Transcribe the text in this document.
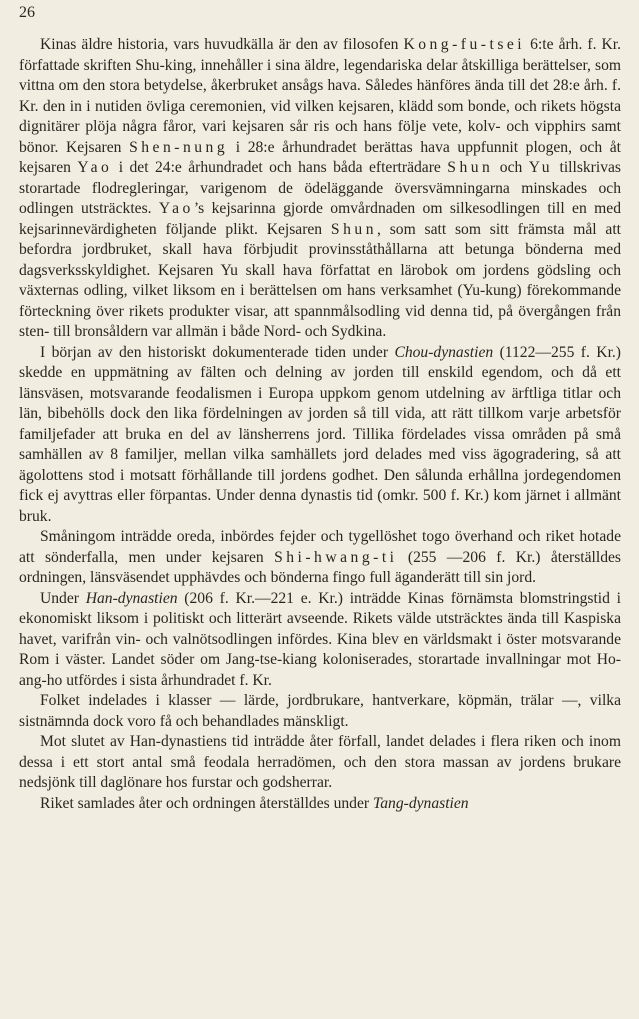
26

Kinas äldre historia, vars huvudkälla är den av filosofen Kong-fu-tsei 6:te årh. f. Kr. författade skriften Shu-king, innehåller i sina äldre, legendariska delar åtskilliga berättelser, som vittna om den stora betydelse, åkerbruket ansågs hava. Således hänföres ända till det 28:e årh. f. Kr. den in i nutiden övliga ceremonien, vid vilken kejsaren, klädd som bonde, och rikets högsta dignitärer plöja några fåror, vari kejsaren sår ris och hans följe vete, kolv- och vipphirs samt bönor. Kejsaren Shen-nung i 28:e århundradet berättas hava uppfunnit plogen, och åt kejsaren Yao i det 24:e århundradet och hans båda efterträdare Shun och Yu tillskrivas storartade flodregleringar, varigenom de ödeläggande översvämningarna minskades och odlingen utsträcktes. Yao’s kejsarinna gjorde omvårdnaden om silkesodlingen till en med kejsarinnevärdigheten följande plikt. Kejsaren Shun, som satt som sitt främsta mål att befordra jordbruket, skall hava förbjudit provinsståthållarna att betunga bönderna med dagsverksskyldighet. Kejsaren Yu skall hava författat en lärobok om jordens gödsling och växternas odling, vilket liksom en i berättelsen om hans verksamhet (Yu-kung) förekommande förteckning över rikets produkter visar, att spannmålsodling vid denna tid, på övergången från sten- till bronsåldern var allmän i både Nord- och Sydkina.

I början av den historiskt dokumenterade tiden under Chou-dynastien (1122—255 f. Kr.) skedde en uppmätning av fälten och delning av jorden till enskild egendom, och då ett länsväsen, motsvarande feodalismen i Europa uppkom genom utdelning av ärftliga titlar och län, bibehölls dock den lika fördelningen av jorden så till vida, att rätt tillkom varje arbetsför familjefader att bruka en del av länsherrens jord. Tillika fördelades vissa områden på små samhällen av 8 familjer, mellan vilka samhällets jord delades med viss ägogradering, så att ägolottens stod i motsatt förhållande till jordens godhet. Den sålunda erhållna jordegendomen fick ej avyttras eller förpantas. Under denna dynastis tid (omkr. 500 f. Kr.) kom järnet i allmänt bruk.

Småningom inträdde oreda, inbördes fejder och tygellöshet togo överhand och riket hotade att sönderfalla, men under kejsaren Shi-hwang-ti (255 —206 f. Kr.) återställdes ordningen, länsväsendet upphävdes och bönderna fingo full äganderätt till sin jord.

Under Han-dynastien (206 f. Kr.—221 e. Kr.) inträdde Kinas förnämsta blomstringstid i ekonomiskt liksom i politiskt och litterärt avseende. Rikets välde utsträcktes ända till Kaspiska havet, varifrån vin- och valnötsodlingen infördes. Kina blev en världsmakt i öster motsvarande Rom i väster. Landet söder om Jang-tse-kiang koloniserades, storartade invallningar mot Ho-ang-ho utfördes i sista århundradet f. Kr.

Folket indelades i klasser — lärde, jordbrukare, hantverkare, köpmän, trälar —, vilka sistnämnda dock voro få och behandlades mänskligt.

Mot slutet av Han-dynastiens tid inträdde åter förfall, landet delades i flera riken och inom dessa i ett stort antal små feodala herradömen, och den stora massan av jordens brukare nedsjönk till daglönare hos furstar och godsherrar.

Riket samlades åter och ordningen återställdes under Tang-dynastien
